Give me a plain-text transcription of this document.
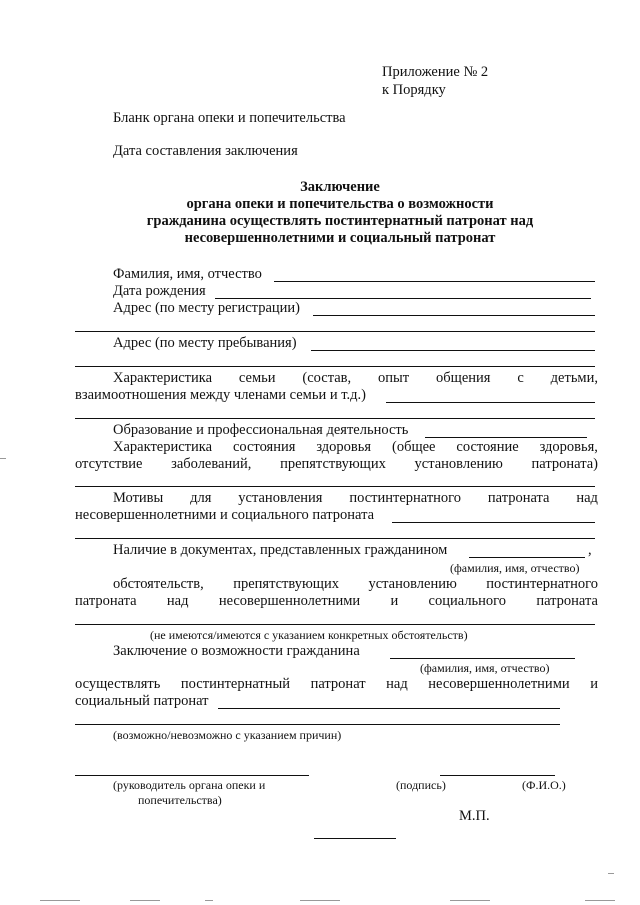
Приложение № 2
к Порядку
Бланк органа опеки и попечительства
Дата составления заключения
Заключение
органа опеки и попечительства о возможности
гражданина осуществлять постинтернатный патронат над
несовершеннолетними и социальный патронат
Фамилия, имя, отчество
Дата рождения
Адрес (по месту регистрации)
Адрес (по месту пребывания)
Характеристика семьи (состав, опыт общения с детьми,
взаимоотношения между членами семьи и т.д.)
Образование и профессиональная деятельность
Характеристика состояния здоровья (общее состояние здоровья,
отсутствие заболеваний, препятствующих установлению патроната)
Мотивы для установления постинтернатного патроната над
несовершеннолетними и социального патроната
Наличие в документах, представленных гражданином	,
(фамилия, имя, отчество)
обстоятельств, препятствующих установлению постинтернатного
патроната над несовершеннолетними и социального патроната
(не имеются/имеются с указанием конкретных обстоятельств)
Заключение о возможности гражданина
(фамилия, имя, отчество)
осуществлять постинтернатный патронат над несовершеннолетними и
социальный патронат
(возможно/невозможно с указанием причин)
(руководитель органа опеки и
попечительства)
(подпись)	(Ф.И.О.)
М.П.
